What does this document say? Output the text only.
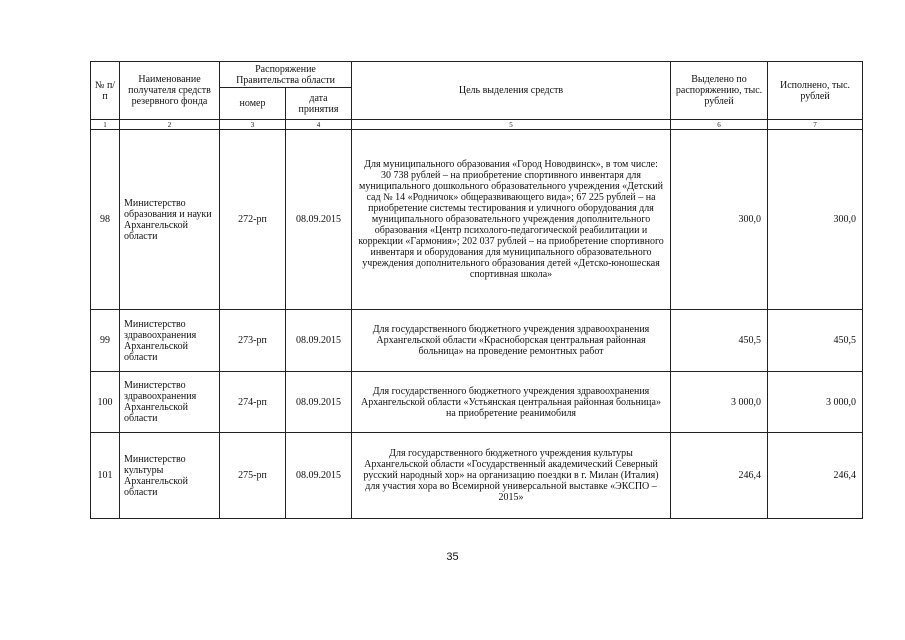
№ п/п	Наименование получателя средств резервного фонда	Распоряжение Правительства области		Цель выделения средств	Выделено по распоряжению, тыс. рублей	Исполнено, тыс. рублей
		номер	дата принятия			
1	2	3	4	5	6	7
98	Министерство образования и науки Архангельской области	272-рп	08.09.2015	Для муниципального образования «Город Новодвинск», в том числе: 30 738 рублей – на приобретение спортивного инвентаря для муниципального дошкольного образовательного учреждения «Детский сад № 14 «Родничок» общеразвивающего вида»; 67 225 рублей – на приобретение системы тестирования и уличного оборудования для муниципального образовательного учреждения дополнительного образования «Центр психолого-педагогической реабилитации и коррекции «Гармония»; 202 037 рублей – на приобретение спортивного инвентаря и оборудования для муниципального образовательного учреждения дополнительного образования детей «Детско-юношеская спортивная школа»	300,0	300,0
99	Министерство здравоохранения Архангельской области	273-рп	08.09.2015	Для государственного бюджетного учреждения здравоохранения Архангельской области «Красноборская центральная районная больница» на проведение ремонтных работ	450,5	450,5
100	Министерство здравоохранения Архангельской области	274-рп	08.09.2015	Для государственного бюджетного учреждения здравоохранения Архангельской области «Устьянская центральная районная больница» на приобретение реанимобиля	3 000,0	3 000,0
101	Министерство культуры Архангельской области	275-рп	08.09.2015	Для государственного бюджетного учреждения культуры Архангельской области «Государственный академический Северный русский народный хор» на организацию поездки в г. Милан (Италия) для участия хора во Всемирной универсальной выставке «ЭКСПО – 2015»	246,4	246,4
35
